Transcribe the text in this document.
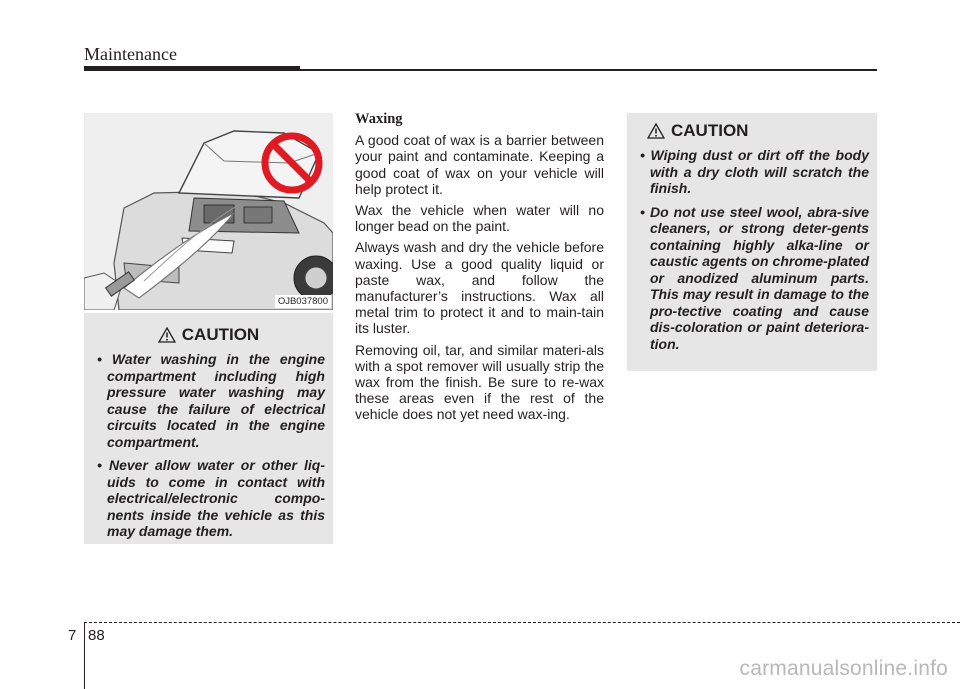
Maintenance
OJB037800
CAUTION

• Water washing in the engine compartment including high pressure water washing may cause the failure of electrical circuits located in the engine compartment.

• Never allow water or other liq-uids to come in contact with electrical/electronic compo-nents inside the vehicle as this may damage them.

Waxing

A good coat of wax is a barrier between your paint and contaminate. Keeping a good coat of wax on your vehicle will help protect it.

Wax the vehicle when water will no longer bead on the paint.

Always wash and dry the vehicle before waxing. Use a good quality liquid or paste wax, and follow the manufacturer’s instructions. Wax all metal trim to protect it and to main-tain its luster.

Removing oil, tar, and similar materi-als with a spot remover will usually strip the wax from the finish. Be sure to re-wax these areas even if the rest of the vehicle does not yet need wax-ing.

CAUTION

• Wiping dust or dirt off the body with a dry cloth will scratch the finish.

• Do not use steel wool, abra-sive cleaners, or strong deter-gents containing highly alka-line or caustic agents on chrome-plated or anodized aluminum parts. This may result in damage to the pro-tective coating and cause dis-coloration or paint deteriora-tion.

7 88
carmanualsonline.info
